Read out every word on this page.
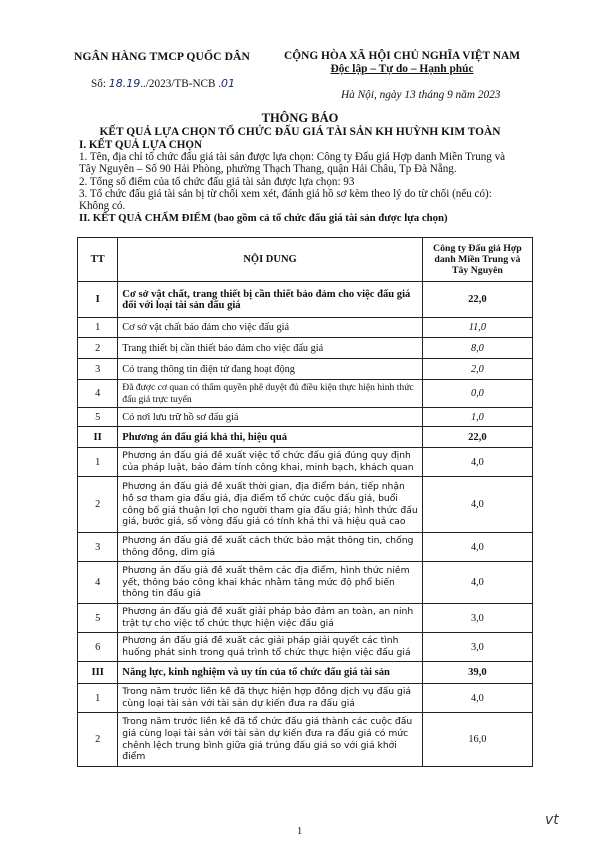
NGÂN HÀNG TMCP QUỐC DÂN
Số: 18.19../2023/TB-NCB .01
CỘNG HÒA XÃ HỘI CHỦ NGHĨA VIỆT NAM
Độc lập – Tự do – Hạnh phúc
Hà Nội, ngày 13 tháng 9 năm 2023
THÔNG BÁO
KẾT QUẢ LỰA CHỌN TỔ CHỨC ĐẤU GIÁ TÀI SẢN KH HUỲNH KIM TOÀN
I. KẾT QUẢ LỰA CHỌN
1. Tên, địa chỉ tổ chức đấu giá tài sản được lựa chọn: Công ty Đấu giá Hợp danh Miền Trung và
Tây Nguyên – Số 90 Hải Phòng, phường Thạch Thang, quận Hải Châu, Tp Đà Nẵng.
2. Tổng số điểm của tổ chức đấu giá tài sản được lựa chọn: 93
3. Tổ chức đấu giá tài sản bị từ chối xem xét, đánh giá hồ sơ kèm theo lý do từ chối (nếu có):
Không có.
II. KẾT QUẢ CHẤM ĐIỂM (bao gồm cả tổ chức đấu giá tài sản được lựa chọn)
TT	NỘI DUNG	Công ty Đấu giá Hợp danh Miền Trung và Tây Nguyên
I	Cơ sở vật chất, trang thiết bị cần thiết bảo đảm cho việc đấu giá đối với loại tài sản đấu giá	22,0
1	Cơ sở vật chất bảo đảm cho việc đấu giá	11,0
2	Trang thiết bị cần thiết bảo đảm cho việc đấu giá	8,0
3	Có trang thông tin điện tử đang hoạt động	2,0
4	Đã được cơ quan có thẩm quyền phê duyệt đủ điều kiện thực hiện hình thức đấu giá trực tuyến	0,0
5	Có nơi lưu trữ hồ sơ đấu giá	1,0
II	Phương án đấu giá khả thi, hiệu quả	22,0
1	Phương án đấu giá đề xuất việc tổ chức đấu giá đúng quy định của pháp luật, bảo đảm tính công khai, minh bạch, khách quan	4,0
2	Phương án đấu giá đề xuất thời gian, địa điểm bán, tiếp nhận hồ sơ tham gia đấu giá, địa điểm tổ chức cuộc đấu giá, buổi công bố giá thuận lợi cho người tham gia đấu giá; hình thức đấu giá, bước giá, số vòng đấu giá có tính khả thi và hiệu quả cao	4,0
3	Phương án đấu giá đề xuất cách thức bảo mật thông tin, chống thông đồng, dìm giá	4,0
4	Phương án đấu giá đề xuất thêm các địa điểm, hình thức niêm yết, thông báo công khai khác nhằm tăng mức độ phổ biến thông tin đấu giá	4,0
5	Phương án đấu giá đề xuất giải pháp bảo đảm an toàn, an ninh trật tự cho việc tổ chức thực hiện việc đấu giá	3,0
6	Phương án đấu giá đề xuất các giải pháp giải quyết các tình huống phát sinh trong quá trình tổ chức thực hiện việc đấu giá	3,0
III	Năng lực, kinh nghiệm và uy tín của tổ chức đấu giá tài sản	39,0
1	Trong năm trước liền kề đã thực hiện hợp đồng dịch vụ đấu giá cùng loại tài sản với tài sản dự kiến đưa ra đấu giá	4,0
2	Trong năm trước liền kề đã tổ chức đấu giá thành các cuộc đấu giá cùng loại tài sản với tài sản dự kiến đưa ra đấu giá có mức chênh lệch trung bình giữa giá trúng đấu giá so với giá khởi điểm	16,0
1
vt
